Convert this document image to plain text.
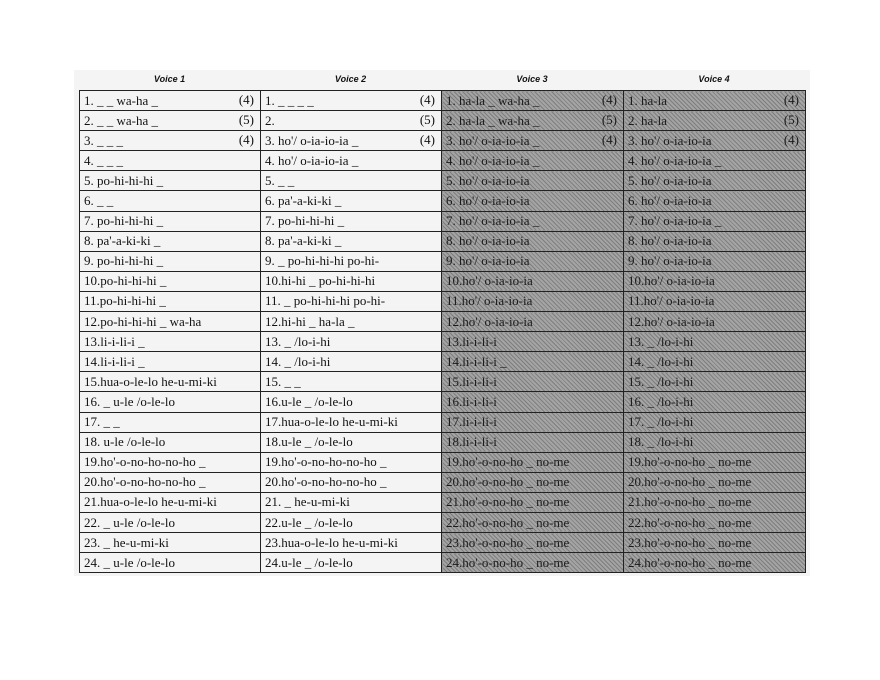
Voice 1	Voice 2	Voice 3	Voice 4
1. _ _ wa-ha _ (4)	1. _ _ _ _ (4)	1. ha-la _ wa-ha _ (4)	1. ha-la (4)

2. _ _ wa-ha _ (5)	2. (5)	2. ha-la _ wa-ha _ (5)	2. ha-la (5)

3. _ _ _ (4)	3. ho'/ o-ia-io-ia _ (4)	3. ho'/ o-ia-io-ia _ (4)	3. ho'/ o-ia-io-ia (4)

4. _ _ _	4. ho'/ o-ia-io-ia _	4. ho'/ o-ia-io-ia _	4. ho'/ o-ia-io-ia _
5. po-hi-hi-hi _	5. _ _	5. ho'/ o-ia-io-ia	5. ho'/ o-ia-io-ia
6. _ _	6. pa'-a-ki-ki _	6. ho'/ o-ia-io-ia	6. ho'/ o-ia-io-ia
7. po-hi-hi-hi _	7. po-hi-hi-hi _	7. ho'/ o-ia-io-ia _	7. ho'/ o-ia-io-ia _
8. pa'-a-ki-ki _	8. pa'-a-ki-ki _	8. ho'/ o-ia-io-ia	8. ho'/ o-ia-io-ia
9. po-hi-hi-hi _	9. _ po-hi-hi-hi po-hi-	9. ho'/ o-ia-io-ia	9. ho'/ o-ia-io-ia
10.po-hi-hi-hi _	10.hi-hi _ po-hi-hi-hi	10.ho'/ o-ia-io-ia	10.ho'/ o-ia-io-ia
11.po-hi-hi-hi _	11. _ po-hi-hi-hi po-hi-	11.ho'/ o-ia-io-ia	11.ho'/ o-ia-io-ia
12.po-hi-hi-hi _ wa-ha	12.hi-hi _ ha-la _	12.ho'/ o-ia-io-ia	12.ho'/ o-ia-io-ia
13.li-i-li-i _	13. _ /lo-i-hi	13.li-i-li-i	13. _ /lo-i-hi
14.li-i-li-i _	14. _ /lo-i-hi	14.li-i-li-i _	14. _ /lo-i-hi
15.hua-o-le-lo he-u-mi-ki	15. _ _	15.li-i-li-i	15. _ /lo-i-hi
16. _ u-le /o-le-lo	16.u-le _ /o-le-lo	16.li-i-li-i	16. _ /lo-i-hi
17. _ _	17.hua-o-le-lo he-u-mi-ki	17.li-i-li-i	17. _ /lo-i-hi
18. u-le /o-le-lo	18.u-le _ /o-le-lo	18.li-i-li-i	18. _ /lo-i-hi
19.ho'-o-no-ho-no-ho _	19.ho'-o-no-ho-no-ho _	19.ho'-o-no-ho _ no-me	19.ho'-o-no-ho _ no-me
20.ho'-o-no-ho-no-ho _	20.ho'-o-no-ho-no-ho _	20.ho'-o-no-ho _ no-me	20.ho'-o-no-ho _ no-me
21.hua-o-le-lo he-u-mi-ki	21. _ he-u-mi-ki	21.ho'-o-no-ho _ no-me	21.ho'-o-no-ho _ no-me
22. _ u-le /o-le-lo	22.u-le _ /o-le-lo	22.ho'-o-no-ho _ no-me	22.ho'-o-no-ho _ no-me
23. _ he-u-mi-ki	23.hua-o-le-lo he-u-mi-ki	23.ho'-o-no-ho _ no-me	23.ho'-o-no-ho _ no-me
24. _ u-le /o-le-lo	24.u-le _ /o-le-lo	24.ho'-o-no-ho _ no-me	24.ho'-o-no-ho _ no-me
